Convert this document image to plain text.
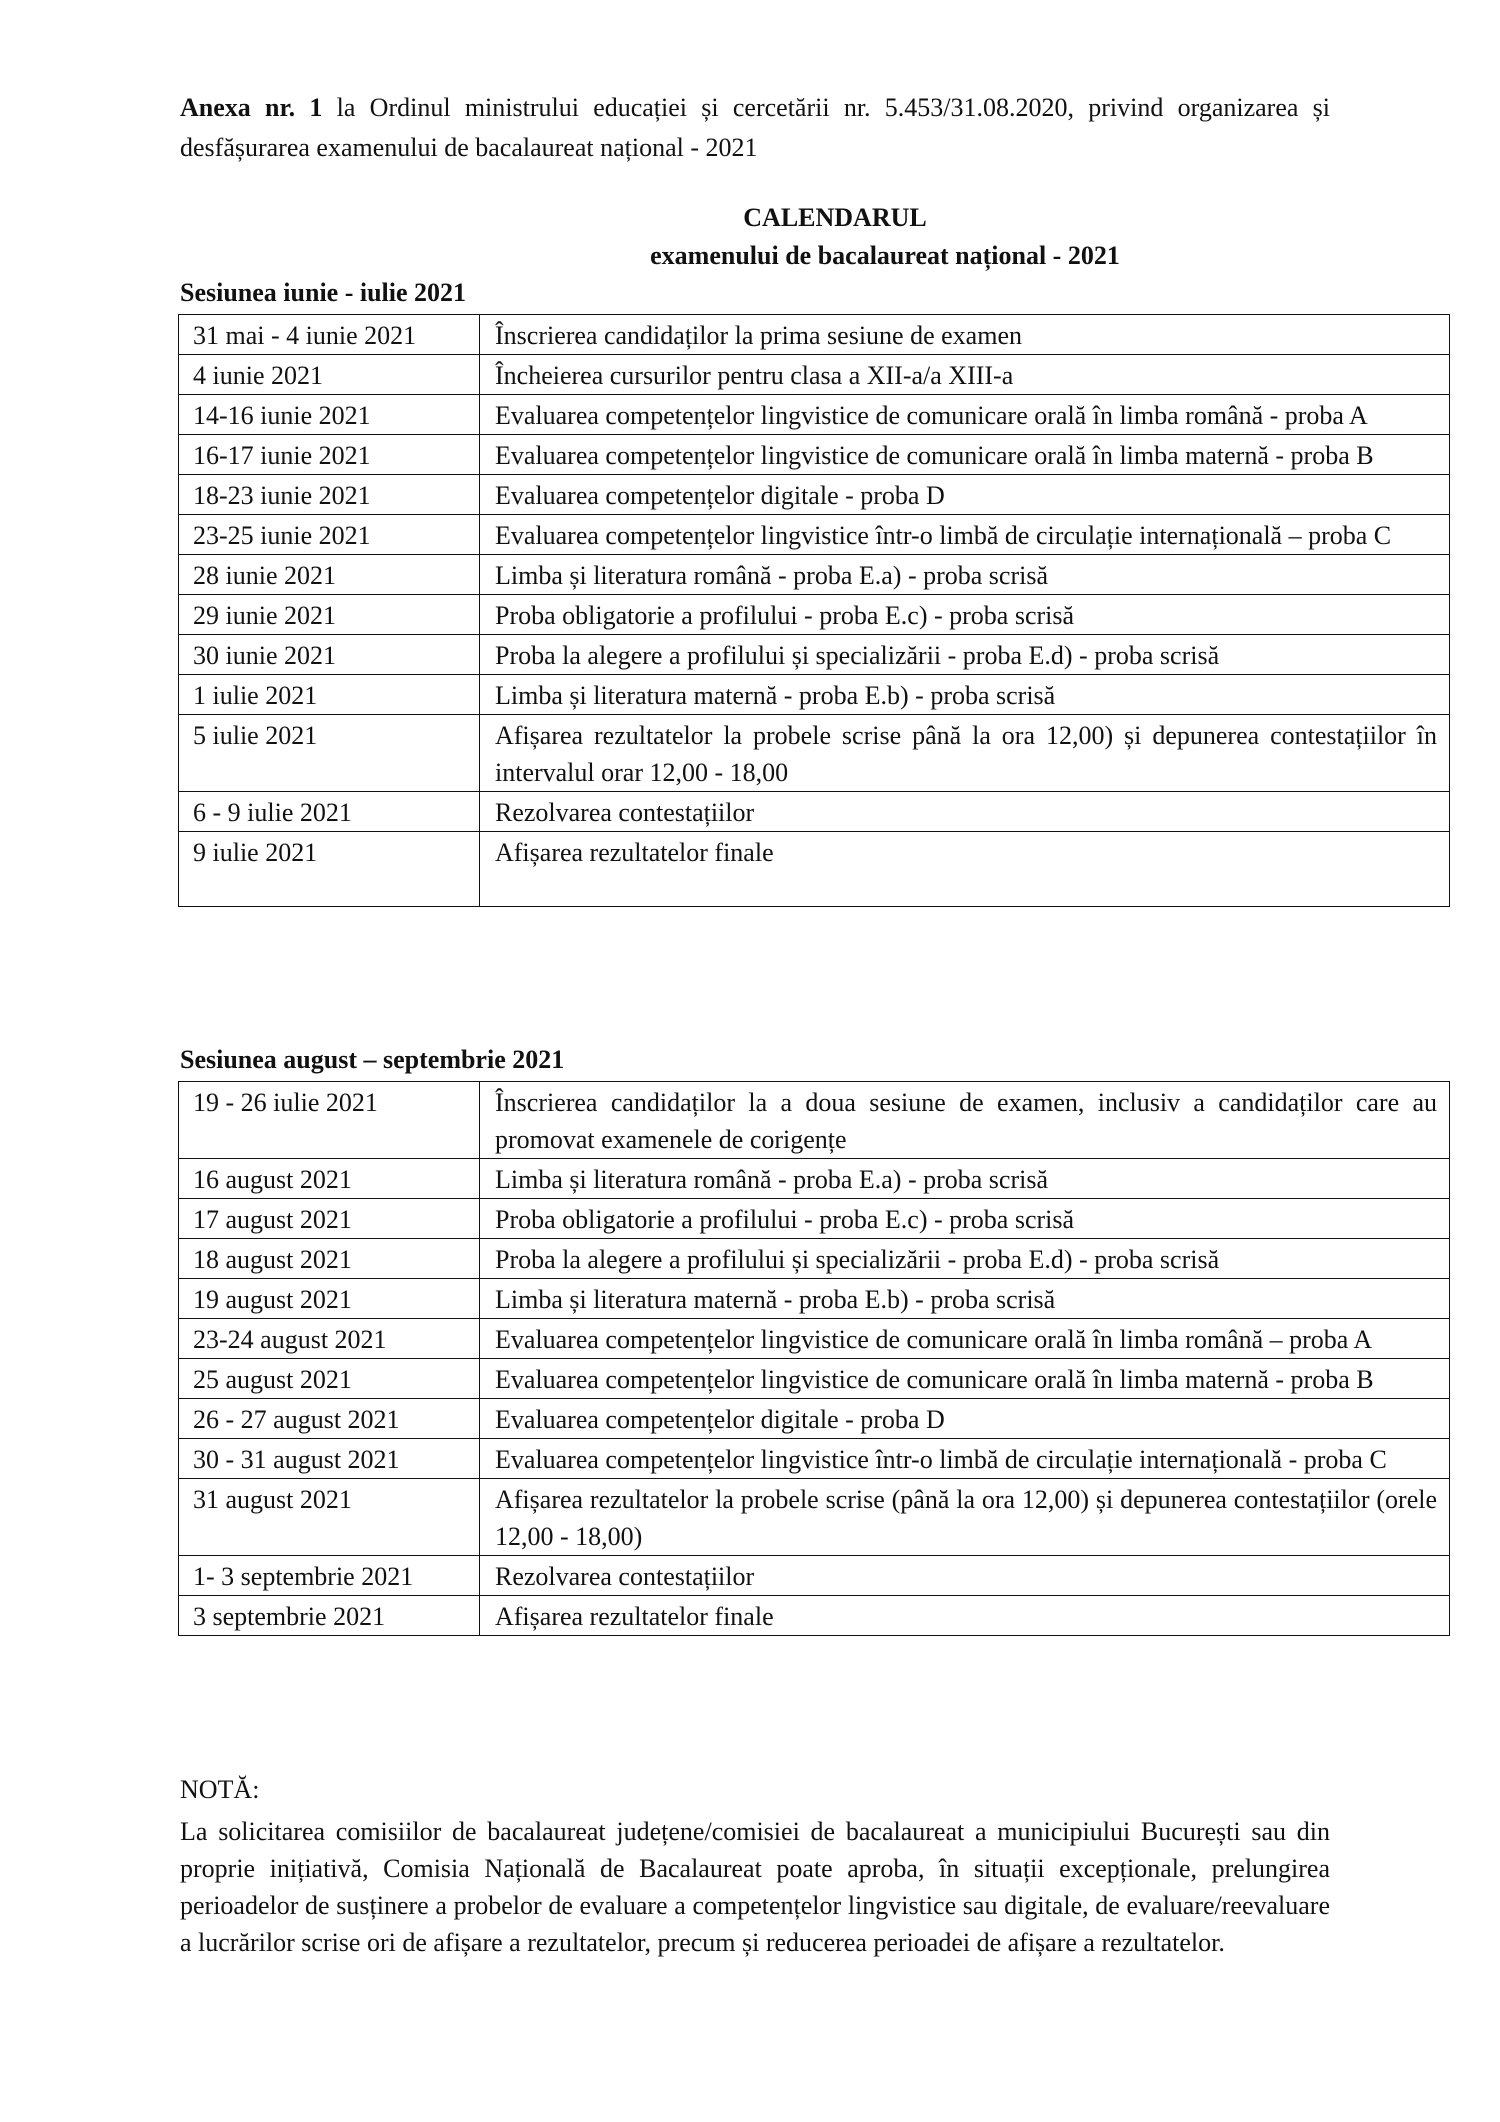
Anexa nr. 1 la Ordinul ministrului educației și cercetării nr. 5.453/31.08.2020, privind organizarea și desfășurarea examenului de bacalaureat național - 2021
CALENDARUL
examenului de bacalaureat național - 2021
Sesiunea iunie - iulie 2021
31 mai - 4 iunie 2021	Înscrierea candidaților la prima sesiune de examen
4 iunie 2021	Încheierea cursurilor pentru clasa a XII-a/a XIII-a
14-16 iunie 2021	Evaluarea competențelor lingvistice de comunicare orală în limba română - proba A
16-17 iunie 2021	Evaluarea competențelor lingvistice de comunicare orală în limba maternă - proba B
18-23 iunie 2021	Evaluarea competențelor digitale - proba D
23-25 iunie 2021	Evaluarea competențelor lingvistice într-o limbă de circulație internațională – proba C
28 iunie 2021	Limba și literatura română - proba E.a) - proba scrisă
29 iunie 2021	Proba obligatorie a profilului - proba E.c) - proba scrisă
30 iunie 2021	Proba la alegere a profilului și specializării - proba E.d) - proba scrisă
1 iulie 2021	Limba și literatura maternă - proba E.b) - proba scrisă
5 iulie 2021	Afișarea rezultatelor la probele scrise până la ora 12,00) și depunerea contestațiilor în intervalul orar 12,00 - 18,00
6 - 9 iulie 2021	Rezolvarea contestațiilor
9 iulie 2021	Afișarea rezultatelor finale
Sesiunea august – septembrie 2021
19 - 26 iulie 2021	Înscrierea candidaților la a doua sesiune de examen, inclusiv a candidaților care au promovat examenele de corigențe
16 august 2021	Limba și literatura română - proba E.a) - proba scrisă
17 august 2021	Proba obligatorie a profilului - proba E.c) - proba scrisă
18 august 2021	Proba la alegere a profilului și specializării - proba E.d) - proba scrisă
19 august 2021	Limba și literatura maternă - proba E.b) - proba scrisă
23-24 august 2021	Evaluarea competențelor lingvistice de comunicare orală în limba română – proba A
25 august 2021	Evaluarea competențelor lingvistice de comunicare orală în limba maternă - proba B
26 - 27 august 2021	Evaluarea competențelor digitale - proba D
30 - 31 august 2021	Evaluarea competențelor lingvistice într-o limbă de circulație internațională - proba C
31 august 2021	Afișarea rezultatelor la probele scrise (până la ora 12,00) și depunerea contestațiilor (orele 12,00 - 18,00)
1- 3 septembrie 2021	Rezolvarea contestațiilor
3 septembrie 2021	Afișarea rezultatelor finale
NOTĂ:
La solicitarea comisiilor de bacalaureat județene/comisiei de bacalaureat a municipiului București sau din proprie inițiativă, Comisia Națională de Bacalaureat poate aproba, în situații excepționale, prelungirea perioadelor de susținere a probelor de evaluare a competențelor lingvistice sau digitale, de evaluare/reevaluare a lucrărilor scrise ori de afișare a rezultatelor, precum și reducerea perioadei de afișare a rezultatelor.
